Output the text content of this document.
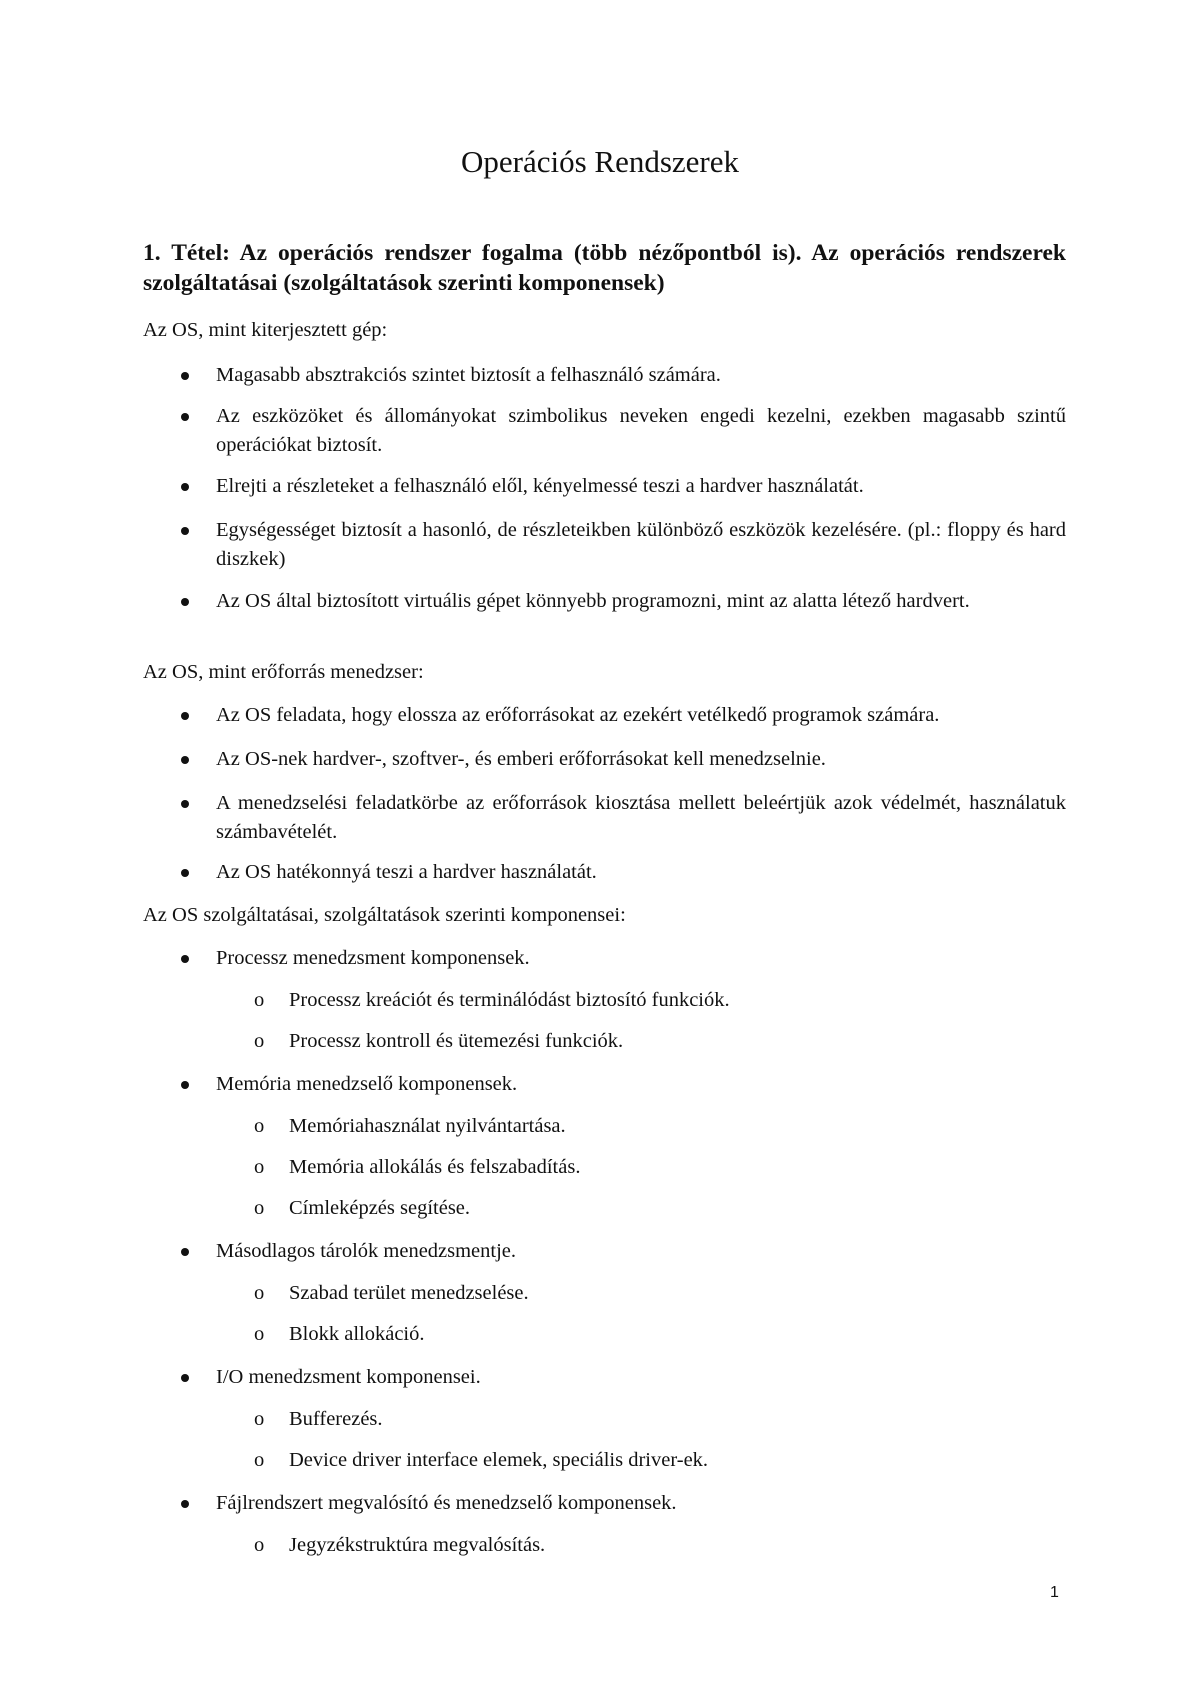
Operációs Rendszerek
1. Tétel: Az operációs rendszer fogalma (több nézőpontból is). Az operációs rendszerek szolgáltatásai (szolgáltatások szerinti komponensek)

Az OS, mint kiterjesztett gép:

Magasabb absztrakciós szintet biztosít a felhasználó számára.

Az eszközöket és állományokat szimbolikus neveken engedi kezelni, ezekben magasabb szintű operációkat biztosít.

Elrejti a részleteket a felhasználó elől, kényelmessé teszi a hardver használatát.

Egységességet biztosít a hasonló, de részleteikben különböző eszközök kezelésére. (pl.: floppy és hard diszkek)

Az OS által biztosított virtuális gépet könnyebb programozni, mint az alatta létező hardvert.

Az OS, mint erőforrás menedzser:

Az OS feladata, hogy elossza az erőforrásokat az ezekért vetélkedő programok számára.

Az OS-nek hardver-, szoftver-, és emberi erőforrásokat kell menedzselnie.

A menedzselési feladatkörbe az erőforrások kiosztása mellett beleértjük azok védelmét, használatuk számbavételét.

Az OS hatékonnyá teszi a hardver használatát.

Az OS szolgáltatásai, szolgáltatások szerinti komponensei:

Processz menedzsment komponensek.

o Processz kreációt és terminálódást biztosító funkciók.
o Processz kontroll és ütemezési funkciók.

Memória menedzselő komponensek.

o Memóriahasználat nyilvántartása.
o Memória allokálás és felszabadítás.
o Címleképzés segítése.

Másodlagos tárolók menedzsmentje.

o Szabad terület menedzselése.
o Blokk allokáció.

I/O menedzsment komponensei.

o Bufferezés.
o Device driver interface elemek, speciális driver-ek.

Fájlrendszert megvalósító és menedzselő komponensek.

o Jegyzékstruktúra megvalósítás.
1
